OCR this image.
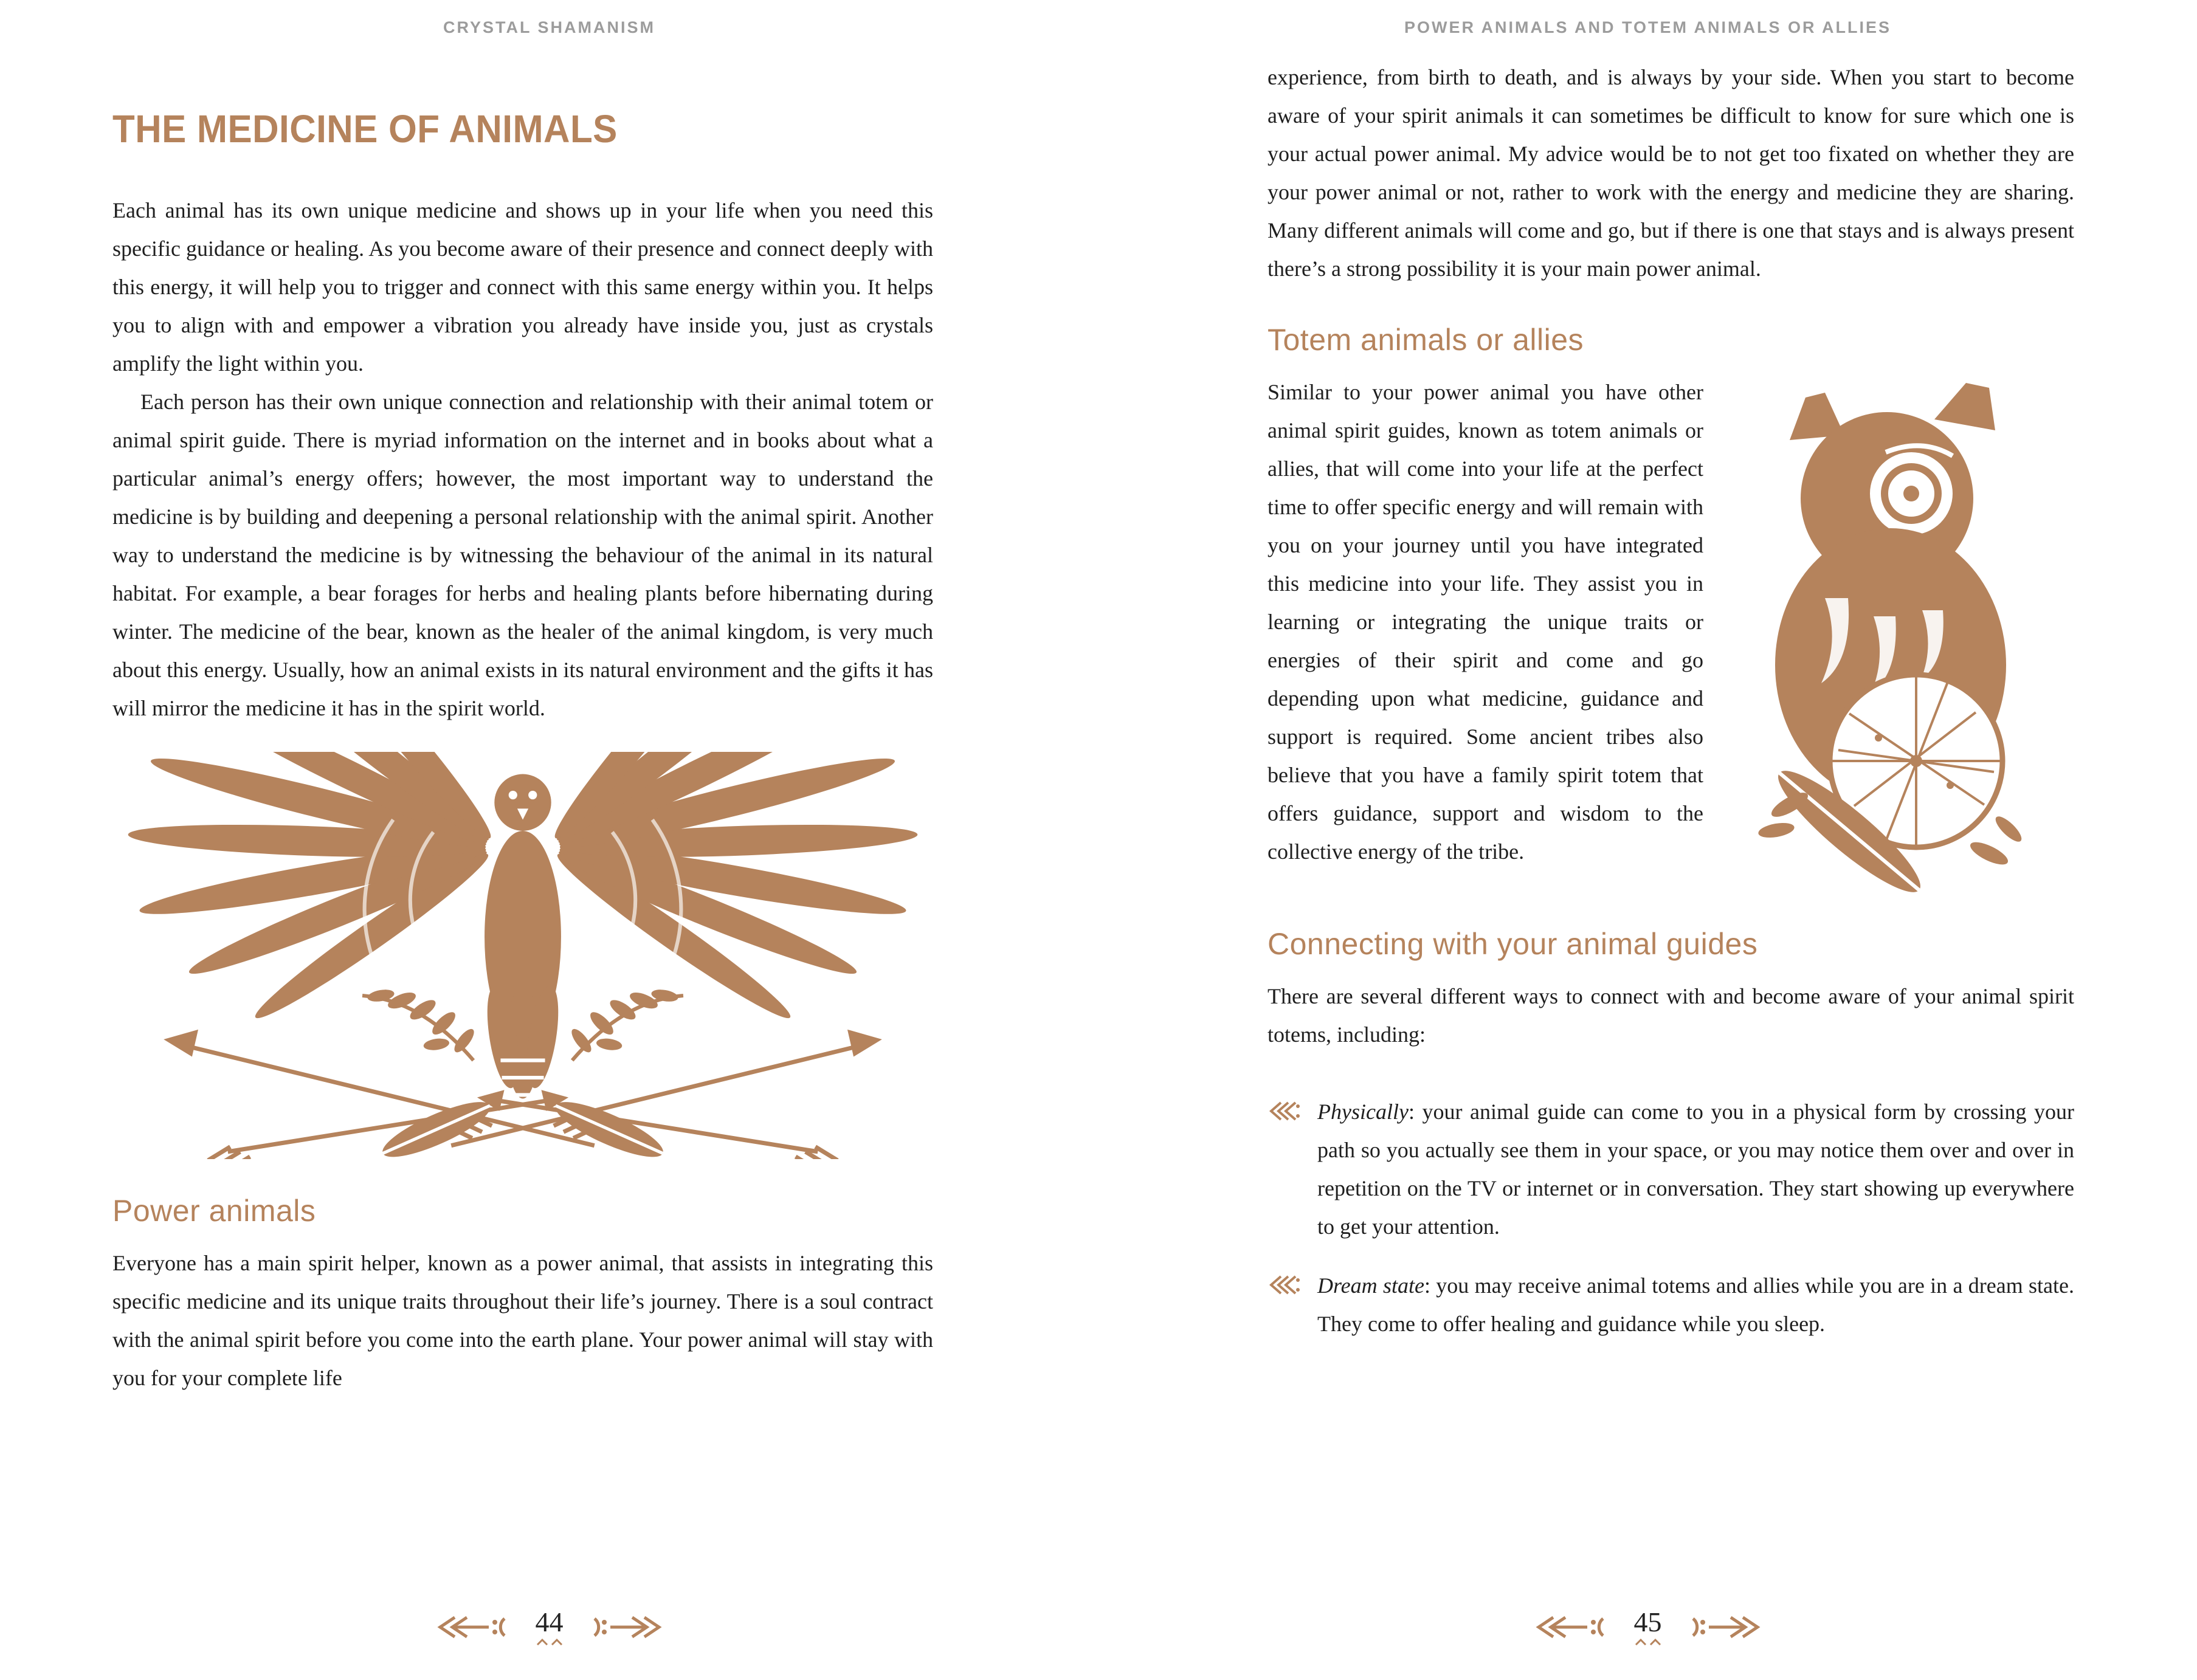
CRYSTAL SHAMANISM
THE MEDICINE OF ANIMALS

Each animal has its own unique medicine and shows up in your life when you need this specific guidance or healing. As you become aware of their presence and connect deeply with this energy, it will help you to trigger and connect with this same energy within you. It helps you to align with and empower a vibration you already have inside you, just as crystals amplify the light within you.

Each person has their own unique connection and relationship with their animal totem or animal spirit guide. There is myriad information on the internet and in books about what a particular animal’s energy offers; however, the most important way to understand the medicine is by building and deepening a personal relationship with the animal spirit. Another way to understand the medicine is by witnessing the behaviour of the animal in its natural habitat. For example, a bear forages for herbs and healing plants before hibernating during winter. The medicine of the bear, known as the healer of the animal kingdom, is very much about this energy. Usually, how an animal exists in its natural environment and the gifts it has will mirror the medicine it has in the spirit world.

Power animals

Everyone has a main spirit helper, known as a power animal, that assists in integrating this specific medicine and its unique traits throughout their life’s journey. There is a soul contract with the animal spirit before you come into the earth plane. Your power animal will stay with you for your complete life

44
POWER ANIMALS AND TOTEM ANIMALS OR ALLIES

experience, from birth to death, and is always by your side. When you start to become aware of your spirit animals it can sometimes be difficult to know for sure which one is your actual power animal. My advice would be to not get too fixated on whether they are your power animal or not, rather to work with the energy and medicine they are sharing. Many different animals will come and go, but if there is one that stays and is always present there’s a strong possibility it is your main power animal.

Totem animals or allies

Similar to your power animal you have other animal spirit guides, known as totem animals or allies, that will come into your life at the perfect time to offer specific energy and will remain with you on your journey until you have integrated this medicine into your life. They assist you in learning or integrating the unique traits or energies of their spirit and come and go depending upon what medicine, guidance and support is required. Some ancient tribes also believe that you have a family spirit totem that offers guidance, support and wisdom to the collective energy of the tribe.

Connecting with your animal guides

There are several different ways to connect with and become aware of your animal spirit totems, including:

Physically: your animal guide can come to you in a physical form by crossing your path so you actually see them in your space, or you may notice them over and over in repetition on the TV or internet or in conversation. They start showing up everywhere to get your attention.
Dream state: you may receive animal totems and allies while you are in a dream state. They come to offer healing and guidance while you sleep.
45
